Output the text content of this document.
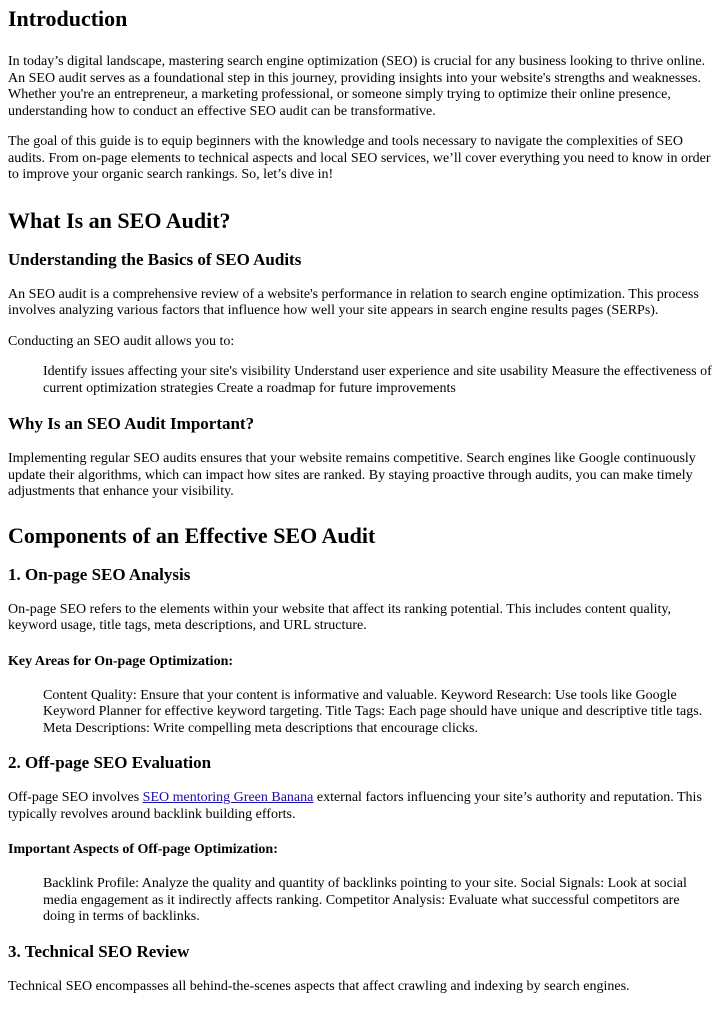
Introduction

In today’s digital landscape, mastering search engine optimization (SEO) is crucial for any business looking to thrive online. An SEO audit serves as a foundational step in this journey, providing insights into your website's strengths and weaknesses. Whether you're an entrepreneur, a marketing professional, or someone simply trying to optimize their online presence, understanding how to conduct an effective SEO audit can be transformative.

The goal of this guide is to equip beginners with the knowledge and tools necessary to navigate the complexities of SEO audits. From on-page elements to technical aspects and local SEO services, we’ll cover everything you need to know in order to improve your organic search rankings. So, let’s dive in!

What Is an SEO Audit?
Understanding the Basics of SEO Audits

An SEO audit is a comprehensive review of a website's performance in relation to search engine optimization. This process involves analyzing various factors that influence how well your site appears in search engine results pages (SERPs).

Conducting an SEO audit allows you to:

Identify issues affecting your site's visibility Understand user experience and site usability Measure the effectiveness of current optimization strategies Create a roadmap for future improvements
Why Is an SEO Audit Important?

Implementing regular SEO audits ensures that your website remains competitive. Search engines like Google continuously update their algorithms, which can impact how sites are ranked. By staying proactive through audits, you can make timely adjustments that enhance your visibility.

Components of an Effective SEO Audit
1. On-page SEO Analysis

On-page SEO refers to the elements within your website that affect its ranking potential. This includes content quality, keyword usage, title tags, meta descriptions, and URL structure.

Key Areas for On-page Optimization:
Content Quality: Ensure that your content is informative and valuable. Keyword Research: Use tools like Google Keyword Planner for effective keyword targeting. Title Tags: Each page should have unique and descriptive title tags. Meta Descriptions: Write compelling meta descriptions that encourage clicks.
2. Off-page SEO Evaluation

Off-page SEO involves SEO mentoring Green Banana external factors influencing your site’s authority and reputation. This typically revolves around backlink building efforts.

Important Aspects of Off-page Optimization:
Backlink Profile: Analyze the quality and quantity of backlinks pointing to your site. Social Signals: Look at social media engagement as it indirectly affects ranking. Competitor Analysis: Evaluate what successful competitors are doing in terms of backlinks.
3. Technical SEO Review

Technical SEO encompasses all behind-the-scenes aspects that affect crawling and indexing by search engines.
